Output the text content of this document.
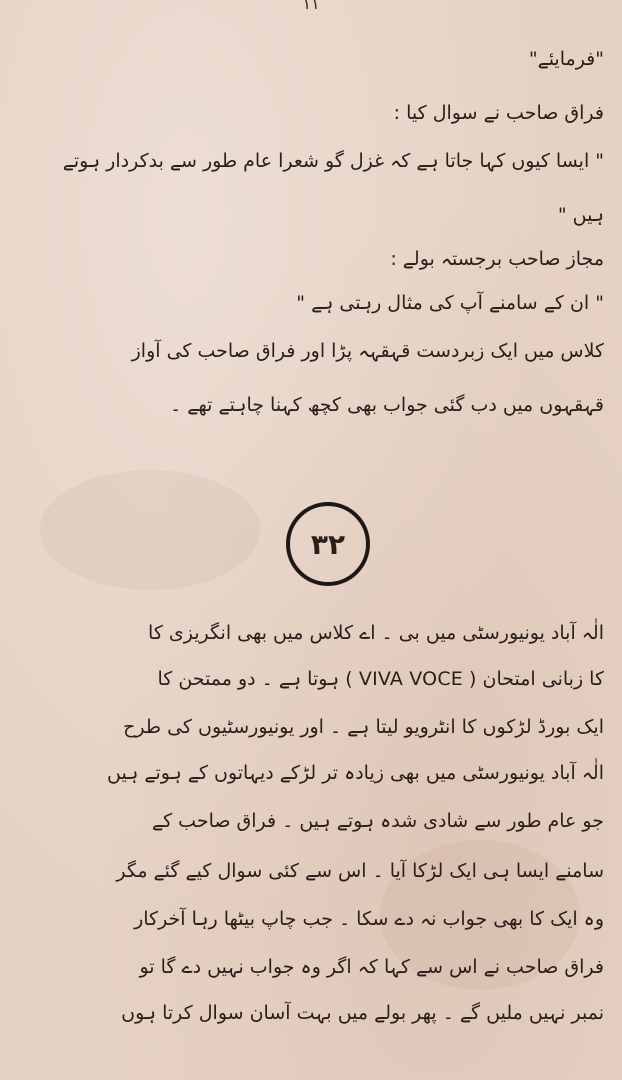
۱۱
"فرمایئے"
فراق صاحب نے سوال کیا :
" ایسا کیوں کہا جاتا ہے کہ غزل گو شعرا عام طور سے بدکردار ہوتے
ہیں "
مجاز صاحب برجستہ بولے :
" ان کے سامنے آپ کی مثال رہتی ہے "
کلاس میں ایک زبردست قہقہہ پڑا اور فراق صاحب کی آواز
قہقہوں میں دب گئی جواب بھی کچھ کہنا چاہتے تھے ۔
۳۲
الٰہ آباد یونیورسٹی میں بی ۔ اے کلاس میں بھی انگریزی کا
کا زبانی امتحان ( VIVA VOCE ) ہوتا ہے ۔ دو ممتحن کا
ایک بورڈ لڑکوں کا انٹرویو لیتا ہے ۔ اور یونیورسٹیوں کی طرح
الٰہ آباد یونیورسٹی میں بھی زیادہ تر لڑکے دیہاتوں کے ہوتے ہیں
جو عام طور سے شادی شدہ ہوتے ہیں ۔ فراق صاحب کے
سامنے ایسا ہی ایک لڑکا آیا ۔ اس سے کئی سوال کیے گئے مگر
وہ ایک کا بھی جواب نہ دے سکا ۔ جب چاپ بیٹھا رہا آخرکار
فراق صاحب نے اس سے کہا کہ اگر وہ جواب نہیں دے گا تو
نمبر نہیں ملیں گے ۔ پھر بولے میں بہت آسان سوال کرتا ہوں
